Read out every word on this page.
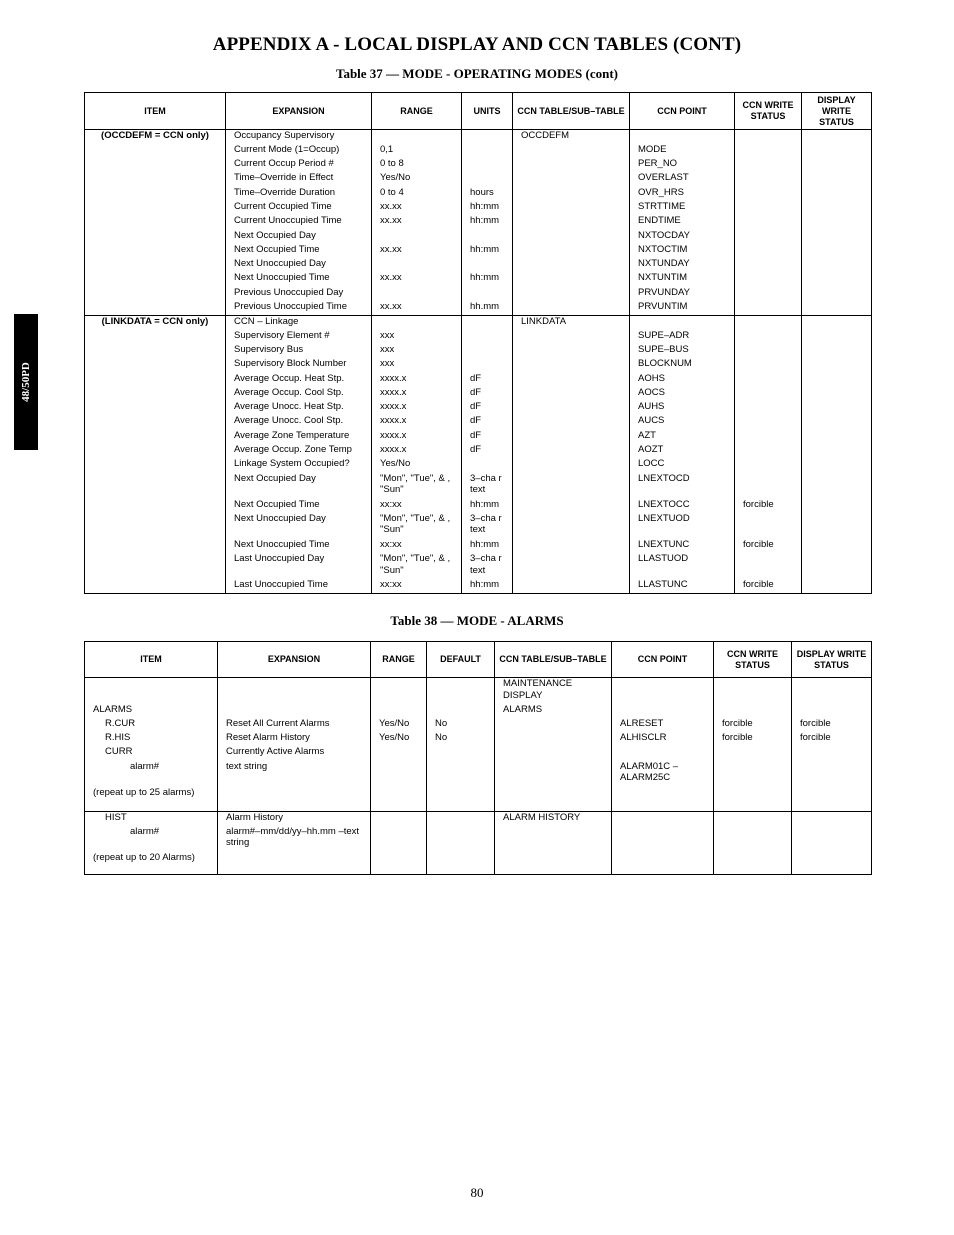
APPENDIX A - LOCAL DISPLAY AND CCN TABLES (CONT)
48/50PD
Table 37 — MODE - OPERATING MODES (cont)
ITEM	EXPANSION	RANGE	UNITS	CCN TABLE/SUB–TABLE	CCN POINT	CCN WRITE STATUS	DISPLAY WRITE STATUS
(OCCDEFM = CCN only)	Occupancy Supervisory			OCCDEFM			
	Current Mode (1=Occup)	0,1			MODE		
	Current Occup Period #	0 to 8			PER_NO		
	Time–Override in Effect	Yes/No			OVERLAST		
	Time–Override Duration	0 to 4	hours		OVR_HRS		
	Current Occupied Time	xx.xx	hh:mm		STRTTIME		
	Current Unoccupied Time	xx.xx	hh:mm		ENDTIME		
	Next Occupied Day				NXTOCDAY		
	Next Occupied Time	xx.xx	hh:mm		NXTOCTIM		
	Next Unoccupied Day				NXTUNDAY		
	Next Unoccupied Time	xx.xx	hh:mm		NXTUNTIM		
	Previous Unoccupied Day				PRVUNDAY		
	Previous Unoccupied Time	xx.xx	hh.mm		PRVUNTIM		
(LINKDATA = CCN only)	CCN – Linkage			LINKDATA			
	Supervisory Element #	xxx			SUPE–ADR		
	Supervisory Bus	xxx			SUPE–BUS		
	Supervisory Block Number	xxx			BLOCKNUM		
	Average Occup. Heat Stp.	xxxx.x	dF		AOHS		
	Average Occup. Cool Stp.	xxxx.x	dF		AOCS		
	Average Unocc. Heat Stp.	xxxx.x	dF		AUHS		
	Average Unocc. Cool Stp.	xxxx.x	dF		AUCS		
	Average Zone Temperature	xxxx.x	dF		AZT		
	Average Occup. Zone Temp	xxxx.x	dF		AOZT		
	Linkage System Occupied?	Yes/No			LOCC		
	Next Occupied Day	"Mon", "Tue", & , "Sun"	3–cha r text		LNEXTOCD		
	Next Occupied Time	xx:xx	hh:mm		LNEXTOCC	forcible	
	Next Unoccupied Day	"Mon", "Tue", & , "Sun"	3–cha r text		LNEXTUOD		
	Next Unoccupied Time	xx:xx	hh:mm		LNEXTUNC	forcible	
	Last Unoccupied Day	"Mon", "Tue", & , "Sun"	3–cha r text		LLASTUOD		
	Last Unoccupied Time	xx:xx	hh:mm		LLASTUNC	forcible	
Table 38 — MODE - ALARMS
ITEM	EXPANSION	RANGE	DEFAULT	CCN TABLE/SUB–TABLE	CCN POINT	CCN WRITE STATUS	DISPLAY WRITE STATUS
				MAINTENANCE DISPLAY			
ALARMS				ALARMS			

R.CUR	Reset All Current Alarms	Yes/No	No		ALRESET	forcible	forcible

R.HIS	Reset Alarm History	Yes/No	No		ALHISCLR	forcible	forcible

CURR	Currently Active Alarms						

alarm#	text string				ALARM01C – ALARM25C		
(repeat up to 25 alarms)							

HIST	Alarm History			ALARM HISTORY			

alarm#	alarm#–mm/dd/yy–hh.mm –text string						
(repeat up to 20 Alarms)							
80
